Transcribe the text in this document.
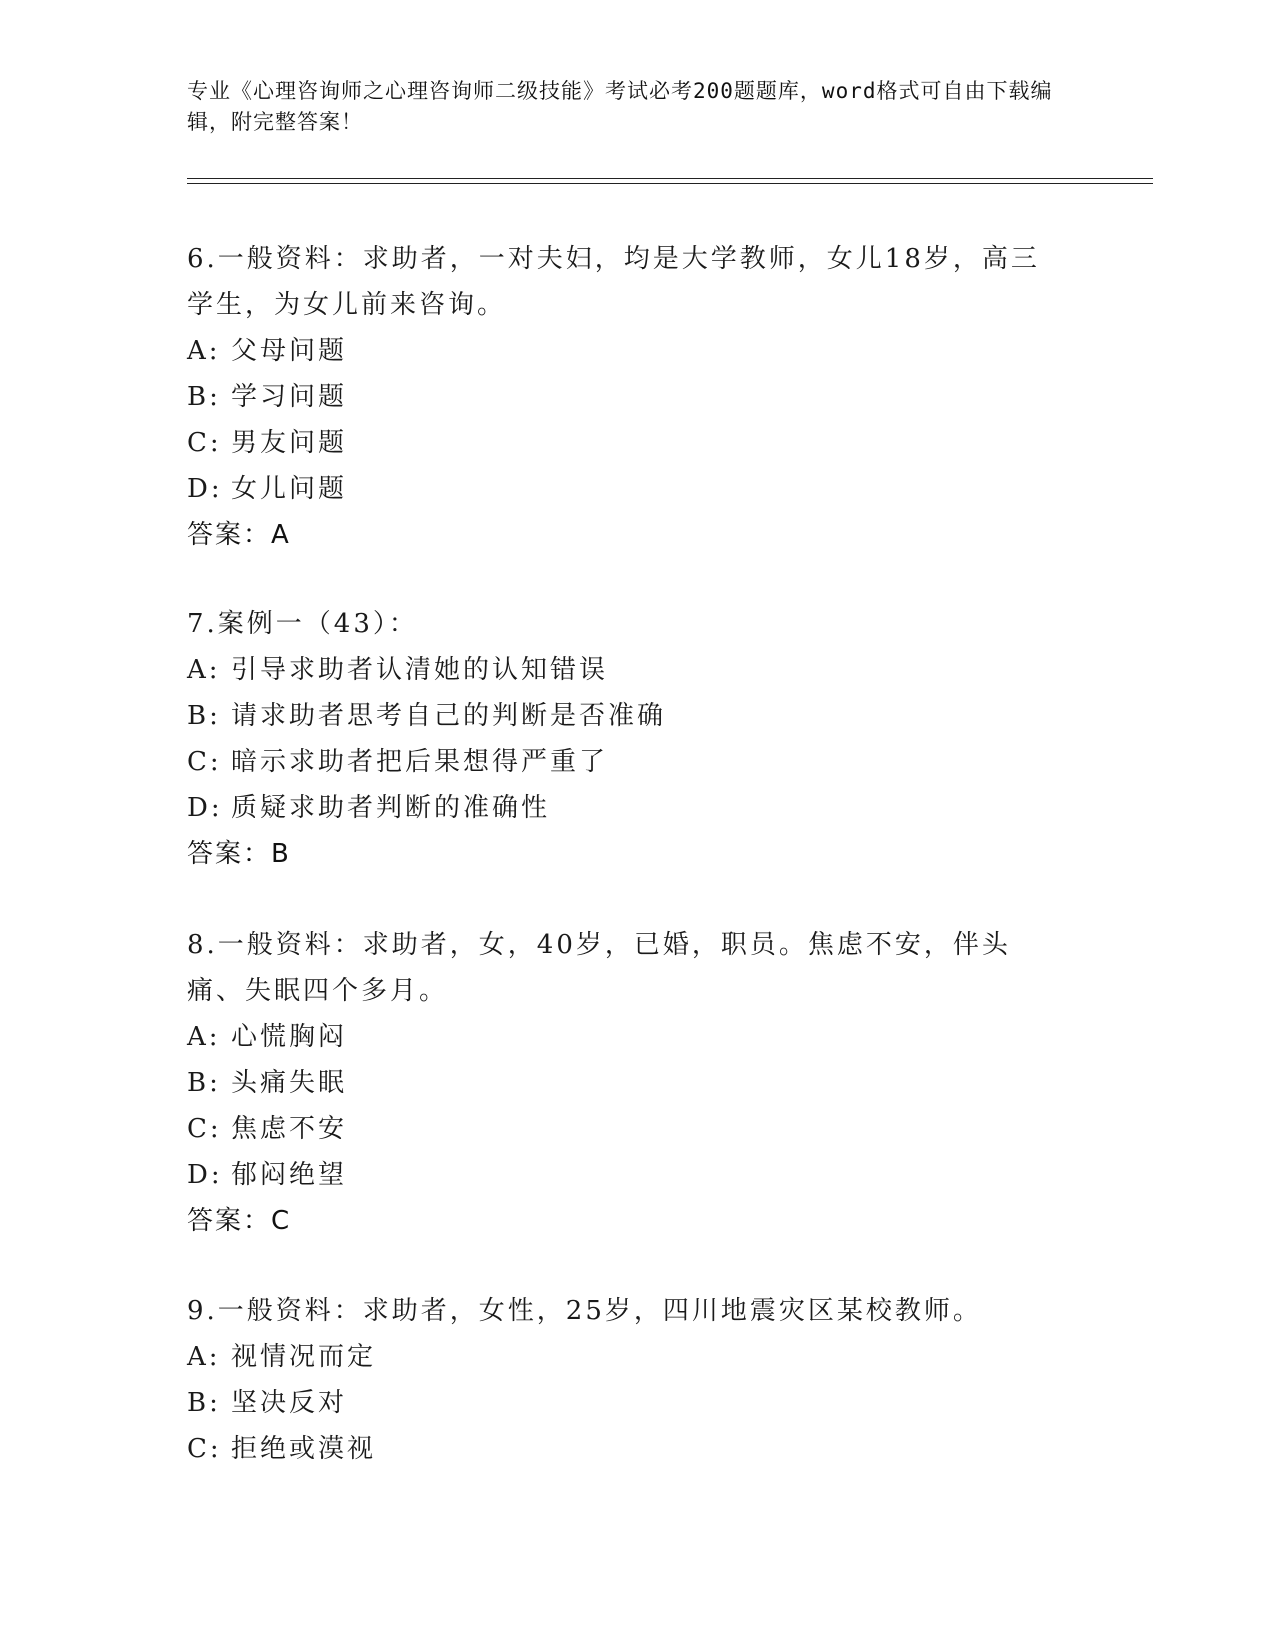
专业《心理咨询师之心理咨询师二级技能》考试必考200题题库，word格式可自由下载编辑，附完整答案！
6.一般资料：求助者，一对夫妇，均是大学教师，女儿18岁，高三学生，为女儿前来咨询。
A: 父母问题
B: 学习问题
C: 男友问题
D: 女儿问题
答案：A
7.案例一（43）：
A: 引导求助者认清她的认知错误
B: 请求助者思考自己的判断是否准确
C: 暗示求助者把后果想得严重了
D: 质疑求助者判断的准确性
答案：B
8.一般资料：求助者，女，40岁，已婚，职员。焦虑不安，伴头痛、失眠四个多月。
A: 心慌胸闷
B: 头痛失眠
C: 焦虑不安
D: 郁闷绝望
答案：C
9.一般资料：求助者，女性，25岁，四川地震灾区某校教师。
A: 视情况而定
B: 坚决反对
C: 拒绝或漠视
